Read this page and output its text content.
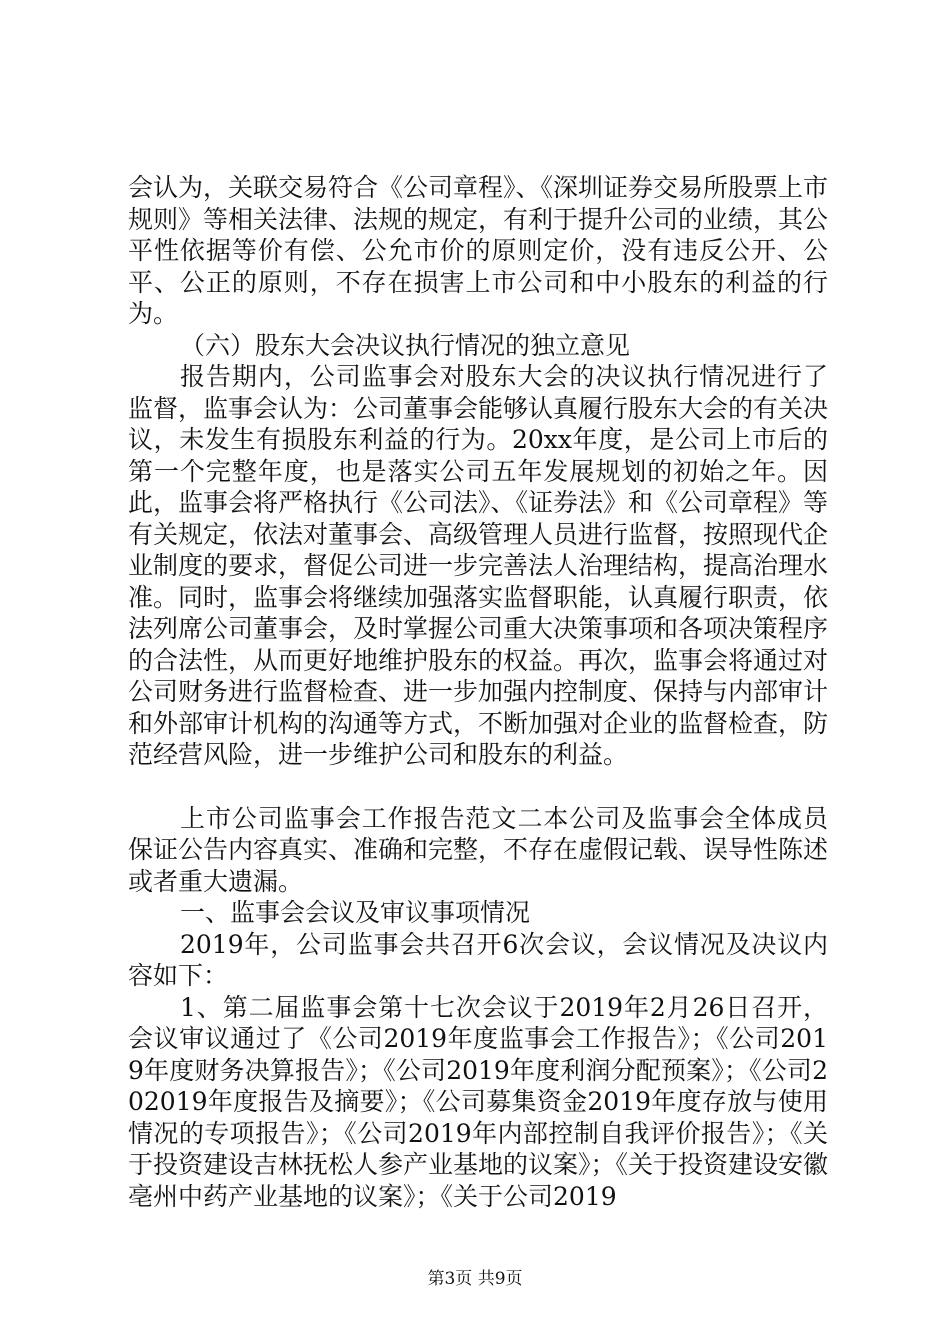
会认为，关联交易符合《公司章程》、《深圳证券交易所股票上市规则》等相关法律、法规的规定，有利于提升公司的业绩，其公平性依据等价有偿、公允市价的原则定价，没有违反公开、公平、公正的原则，不存在损害上市公司和中小股东的利益的行为。

（六）股东大会决议执行情况的独立意见

报告期内，公司监事会对股东大会的决议执行情况进行了监督，监事会认为：公司董事会能够认真履行股东大会的有关决议，未发生有损股东利益的行为。20xx年度，是公司上市后的第一个完整年度，也是落实公司五年发展规划的初始之年。因此，监事会将严格执行《公司法》、《证券法》和《公司章程》等有关规定，依法对董事会、高级管理人员进行监督，按照现代企业制度的要求，督促公司进一步完善法人治理结构，提高治理水准。同时，监事会将继续加强落实监督职能，认真履行职责，依法列席公司董事会，及时掌握公司重大决策事项和各项决策程序的合法性，从而更好地维护股东的权益。再次，监事会将通过对公司财务进行监督检查、进一步加强内控制度、保持与内部审计和外部审计机构的沟通等方式，不断加强对企业的监督检查，防范经营风险，进一步维护公司和股东的利益。

上市公司监事会工作报告范文二本公司及监事会全体成员保证公告内容真实、准确和完整，不存在虚假记载、误导性陈述或者重大遗漏。

一、监事会会议及审议事项情况

2019年，公司监事会共召开6次会议，会议情况及决议内容如下：

1、第二届监事会第十七次会议于2019年2月26日召开，会议审议通过了《公司2019年度监事会工作报告》；《公司2019年度财务决算报告》；《公司2019年度利润分配预案》；《公司202019年度报告及摘要》；《公司募集资金2019年度存放与使用情况的专项报告》；《公司2019年内部控制自我评价报告》；《关于投资建设吉林抚松人参产业基地的议案》；《关于投资建设安徽亳州中药产业基地的议案》；《关于公司2019

第3页 共9页
